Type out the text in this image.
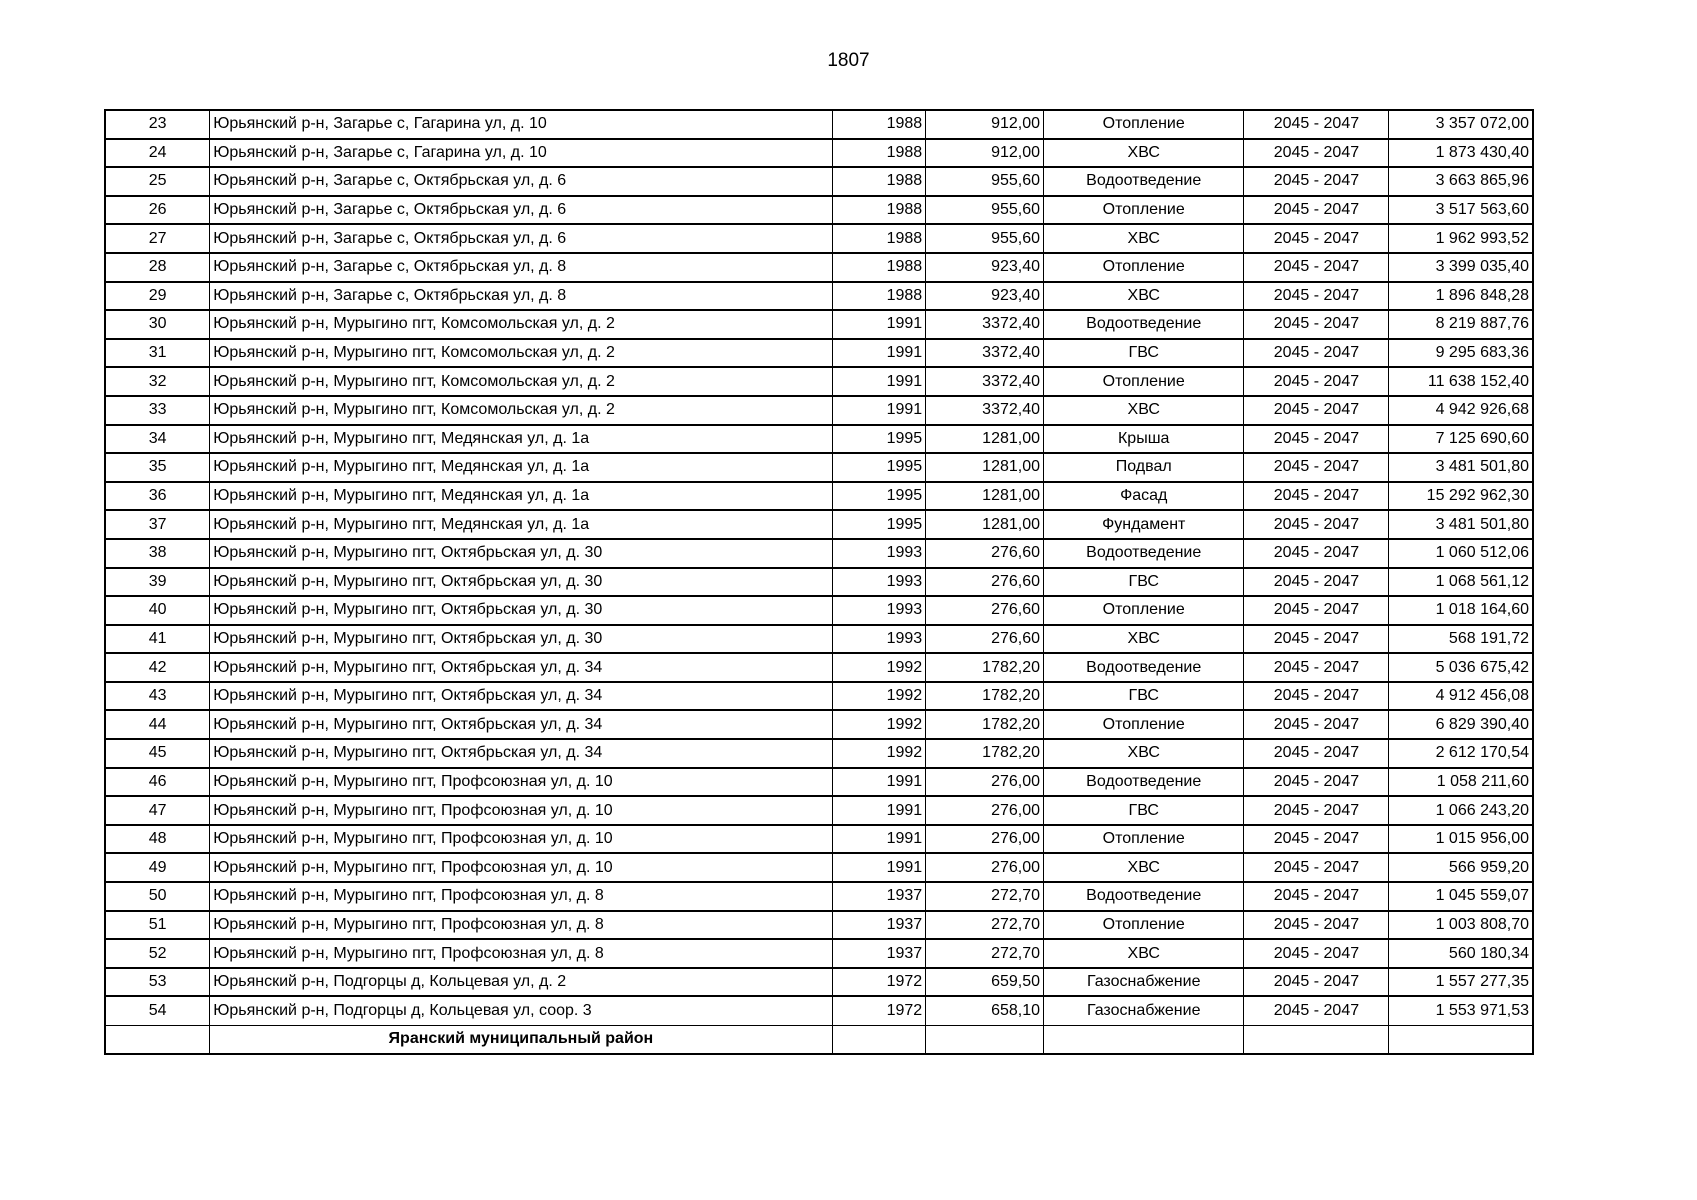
1807
23	Юрьянский р-н, Загарье с, Гагарина ул, д. 10	1988	912,00	Отопление	2045 - 2047	3 357 072,00
24	Юрьянский р-н, Загарье с, Гагарина ул, д. 10	1988	912,00	ХВС	2045 - 2047	1 873 430,40
25	Юрьянский р-н, Загарье с, Октябрьская ул, д. 6	1988	955,60	Водоотведение	2045 - 2047	3 663 865,96
26	Юрьянский р-н, Загарье с, Октябрьская ул, д. 6	1988	955,60	Отопление	2045 - 2047	3 517 563,60
27	Юрьянский р-н, Загарье с, Октябрьская ул, д. 6	1988	955,60	ХВС	2045 - 2047	1 962 993,52
28	Юрьянский р-н, Загарье с, Октябрьская ул, д. 8	1988	923,40	Отопление	2045 - 2047	3 399 035,40
29	Юрьянский р-н, Загарье с, Октябрьская ул, д. 8	1988	923,40	ХВС	2045 - 2047	1 896 848,28
30	Юрьянский р-н, Мурыгино пгт, Комсомольская ул, д. 2	1991	3372,40	Водоотведение	2045 - 2047	8 219 887,76
31	Юрьянский р-н, Мурыгино пгт, Комсомольская ул, д. 2	1991	3372,40	ГВС	2045 - 2047	9 295 683,36
32	Юрьянский р-н, Мурыгино пгт, Комсомольская ул, д. 2	1991	3372,40	Отопление	2045 - 2047	11 638 152,40
33	Юрьянский р-н, Мурыгино пгт, Комсомольская ул, д. 2	1991	3372,40	ХВС	2045 - 2047	4 942 926,68
34	Юрьянский р-н, Мурыгино пгт, Медянская ул, д. 1а	1995	1281,00	Крыша	2045 - 2047	7 125 690,60
35	Юрьянский р-н, Мурыгино пгт, Медянская ул, д. 1а	1995	1281,00	Подвал	2045 - 2047	3 481 501,80
36	Юрьянский р-н, Мурыгино пгт, Медянская ул, д. 1а	1995	1281,00	Фасад	2045 - 2047	15 292 962,30
37	Юрьянский р-н, Мурыгино пгт, Медянская ул, д. 1а	1995	1281,00	Фундамент	2045 - 2047	3 481 501,80
38	Юрьянский р-н, Мурыгино пгт, Октябрьская ул, д. 30	1993	276,60	Водоотведение	2045 - 2047	1 060 512,06
39	Юрьянский р-н, Мурыгино пгт, Октябрьская ул, д. 30	1993	276,60	ГВС	2045 - 2047	1 068 561,12
40	Юрьянский р-н, Мурыгино пгт, Октябрьская ул, д. 30	1993	276,60	Отопление	2045 - 2047	1 018 164,60
41	Юрьянский р-н, Мурыгино пгт, Октябрьская ул, д. 30	1993	276,60	ХВС	2045 - 2047	568 191,72
42	Юрьянский р-н, Мурыгино пгт, Октябрьская ул, д. 34	1992	1782,20	Водоотведение	2045 - 2047	5 036 675,42
43	Юрьянский р-н, Мурыгино пгт, Октябрьская ул, д. 34	1992	1782,20	ГВС	2045 - 2047	4 912 456,08
44	Юрьянский р-н, Мурыгино пгт, Октябрьская ул, д. 34	1992	1782,20	Отопление	2045 - 2047	6 829 390,40
45	Юрьянский р-н, Мурыгино пгт, Октябрьская ул, д. 34	1992	1782,20	ХВС	2045 - 2047	2 612 170,54
46	Юрьянский р-н, Мурыгино пгт, Профсоюзная ул, д. 10	1991	276,00	Водоотведение	2045 - 2047	1 058 211,60
47	Юрьянский р-н, Мурыгино пгт, Профсоюзная ул, д. 10	1991	276,00	ГВС	2045 - 2047	1 066 243,20
48	Юрьянский р-н, Мурыгино пгт, Профсоюзная ул, д. 10	1991	276,00	Отопление	2045 - 2047	1 015 956,00
49	Юрьянский р-н, Мурыгино пгт, Профсоюзная ул, д. 10	1991	276,00	ХВС	2045 - 2047	566 959,20
50	Юрьянский р-н, Мурыгино пгт, Профсоюзная ул, д. 8	1937	272,70	Водоотведение	2045 - 2047	1 045 559,07
51	Юрьянский р-н, Мурыгино пгт, Профсоюзная ул, д. 8	1937	272,70	Отопление	2045 - 2047	1 003 808,70
52	Юрьянский р-н, Мурыгино пгт, Профсоюзная ул, д. 8	1937	272,70	ХВС	2045 - 2047	560 180,34
53	Юрьянский р-н, Подгорцы д, Кольцевая ул, д. 2	1972	659,50	Газоснабжение	2045 - 2047	1 557 277,35
54	Юрьянский р-н, Подгорцы д, Кольцевая ул, соор. 3	1972	658,10	Газоснабжение	2045 - 2047	1 553 971,53
	Яранский муниципальный район					
